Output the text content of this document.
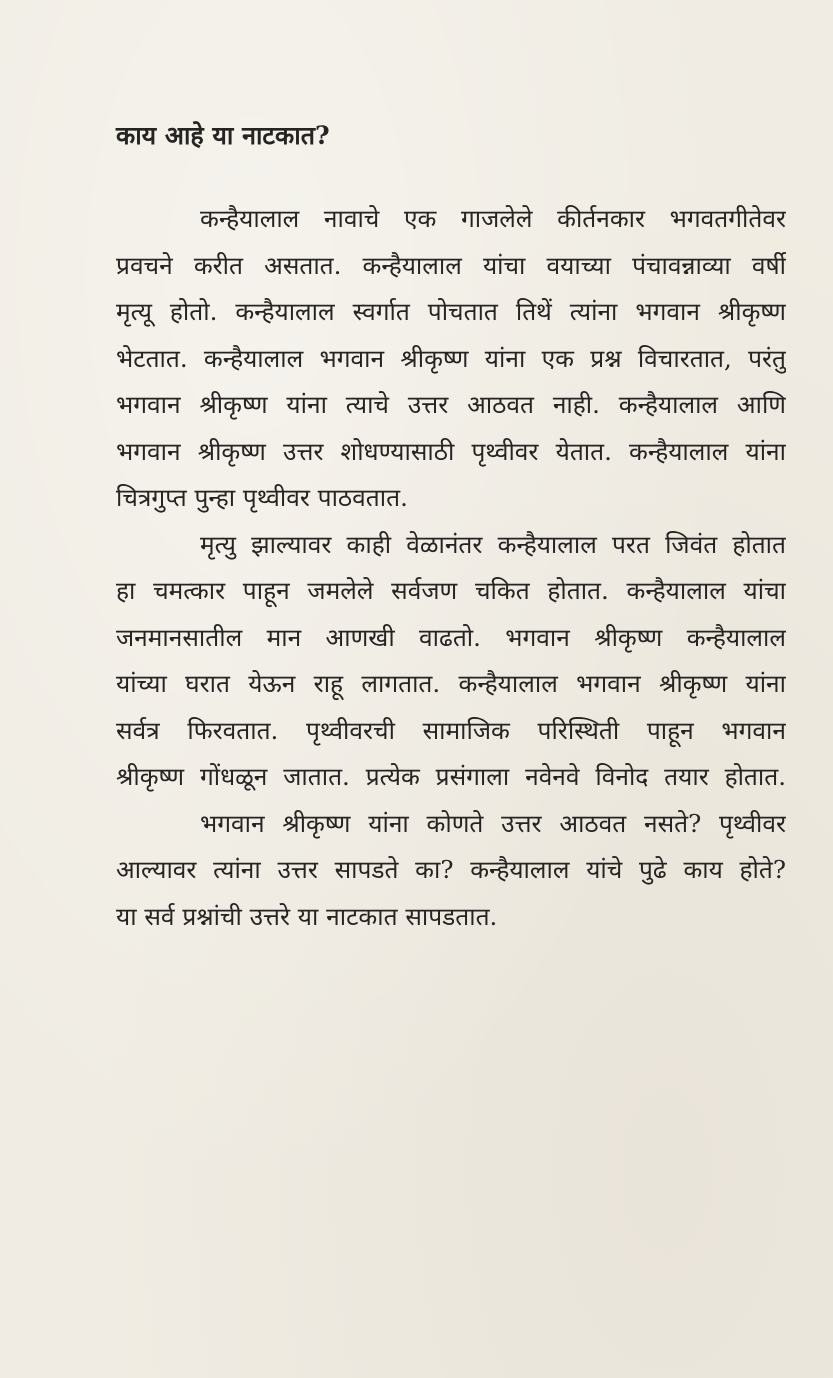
काय आहे या नाटकात?

कन्हैयालाल नावाचे एक गाजलेले कीर्तनकार भगवतगीतेवर
प्रवचने करीत असतात. कन्हैयालाल यांचा वयाच्या पंचावन्नाव्या वर्षी
मृत्यू होतो. कन्हैयालाल स्वर्गात पोचतात तिथें त्यांना भगवान श्रीकृष्ण
भेटतात. कन्हैयालाल भगवान श्रीकृष्ण यांना एक प्रश्न विचारतात, परंतु
भगवान श्रीकृष्ण यांना त्याचे उत्तर आठवत नाही. कन्हैयालाल आणि
भगवान श्रीकृष्ण उत्तर शोधण्यासाठी पृथ्वीवर येतात. कन्हैयालाल यांना
चित्रगुप्त पुन्हा पृथ्वीवर पाठवतात.

मृत्यु झाल्यावर काही वेळानंतर कन्हैयालाल परत जिवंत होतात
हा चमत्कार पाहून जमलेले सर्वजण चकित होतात. कन्हैयालाल यांचा
जनमानसातील मान आणखी वाढतो. भगवान श्रीकृष्ण कन्हैयालाल
यांच्या घरात येऊन राहू लागतात. कन्हैयालाल भगवान श्रीकृष्ण यांना
सर्वत्र फिरवतात. पृथ्वीवरची सामाजिक परिस्थिती पाहून भगवान
श्रीकृष्ण गोंधळून जातात. प्रत्येक प्रसंगाला नवेनवे विनोद तयार होतात.

भगवान श्रीकृष्ण यांना कोणते उत्तर आठवत नसते? पृथ्वीवर
आल्यावर त्यांना उत्तर सापडते का? कन्हैयालाल यांचे पुढे काय होते?
या सर्व प्रश्नांची उत्तरे या नाटकात सापडतात.
